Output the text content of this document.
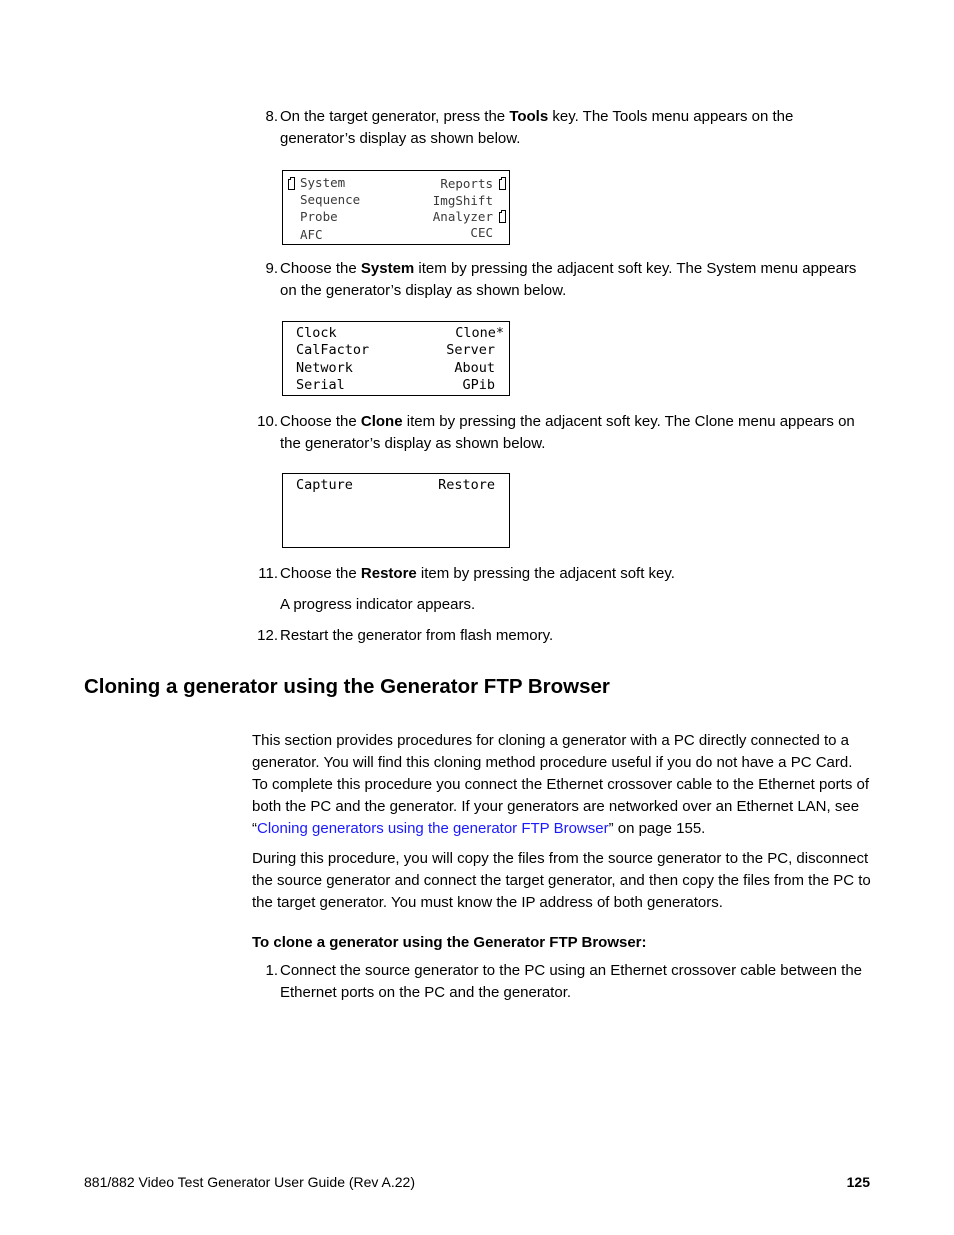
8. On the target generator, press the Tools key. The Tools menu appears on the generator’s display as shown below.
System
Sequence
Probe
AFC
Reports
ImgShift
Analyzer
CEC
9. Choose the System item by pressing the adjacent soft key. The System menu appears on the generator’s display as shown below.
Clock
CalFactor
Network
Serial
Clone*
Server
About
GPib
10. Choose the Clone item by pressing the adjacent soft key. The Clone menu appears on the generator’s display as shown below.
Capture	Restore
11. Choose the Restore item by pressing the adjacent soft key.
A progress indicator appears.
12. Restart the generator from flash memory.
Cloning a generator using the Generator FTP Browser
This section provides procedures for cloning a generator with a PC directly connected to a generator. You will find this cloning method procedure useful if you do not have a PC Card. To complete this procedure you connect the Ethernet crossover cable to the Ethernet ports of both the PC and the generator. If your generators are networked over an Ethernet LAN, see “Cloning generators using the generator FTP Browser” on page 155.
During this procedure, you will copy the files from the source generator to the PC, disconnect the source generator and connect the target generator, and then copy the files from the PC to the target generator. You must know the IP address of both generators.
To clone a generator using the Generator FTP Browser:
1. Connect the source generator to the PC using an Ethernet crossover cable between the Ethernet ports on the PC and the generator.
881/882 Video Test Generator User Guide (Rev A.22)	125
